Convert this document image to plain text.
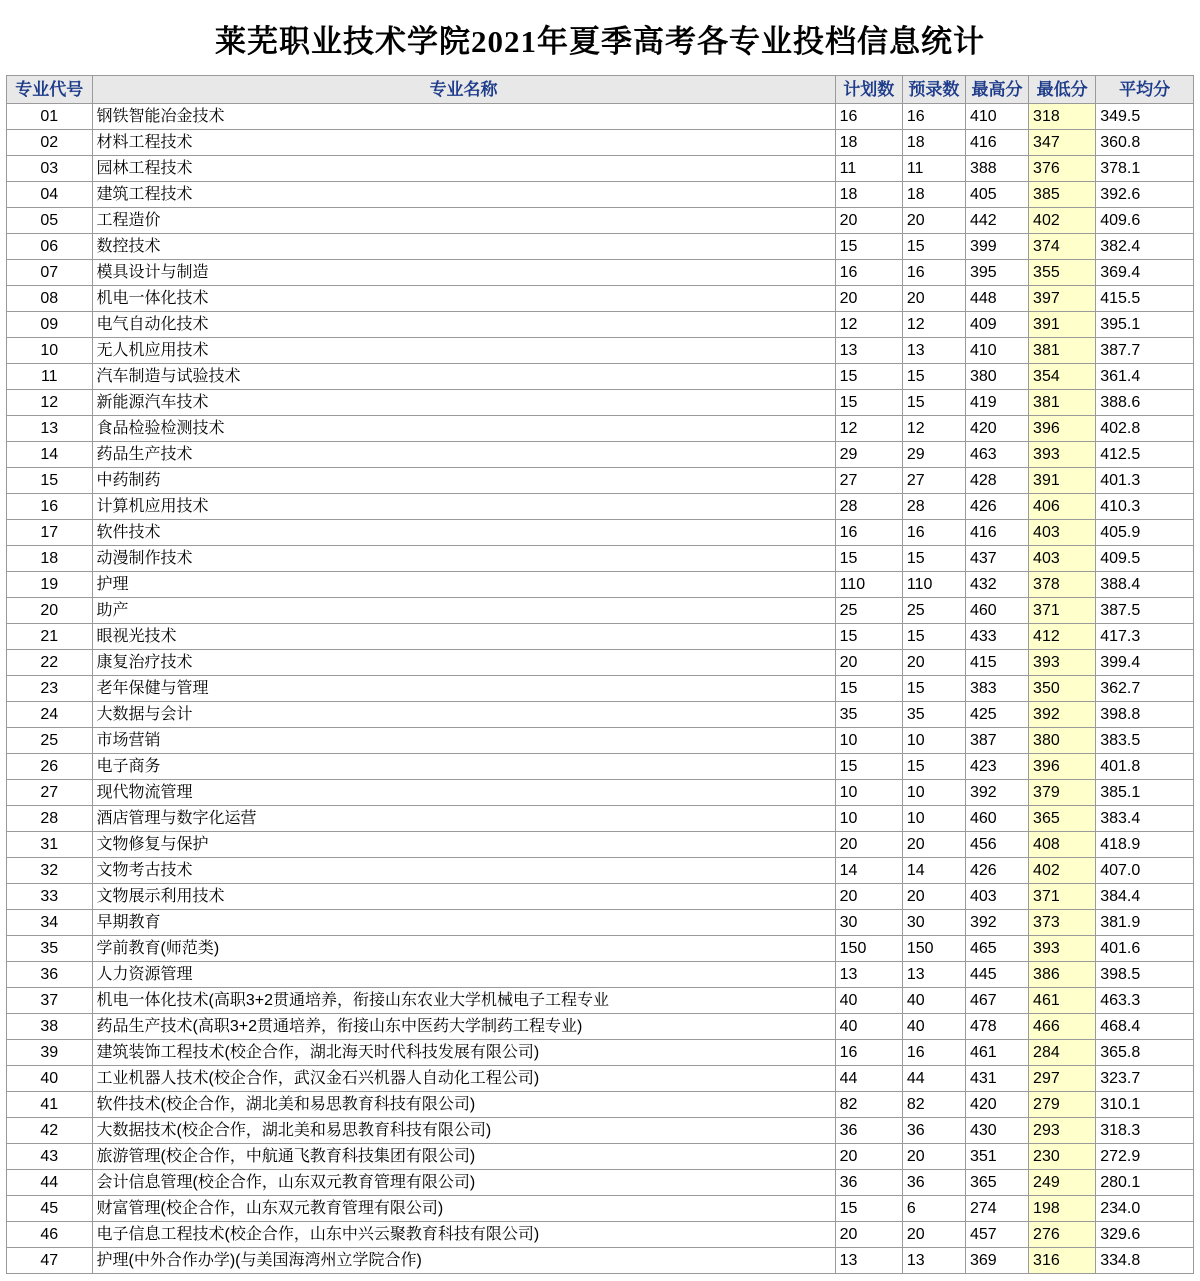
莱芜职业技术学院2021年夏季高考各专业投档信息统计
专业代号	专业名称	计划数	预录数	最高分	最低分	平均分
01	钢铁智能冶金技术	16	16	410	318	349.5
02	材料工程技术	18	18	416	347	360.8
03	园林工程技术	11	11	388	376	378.1
04	建筑工程技术	18	18	405	385	392.6
05	工程造价	20	20	442	402	409.6
06	数控技术	15	15	399	374	382.4
07	模具设计与制造	16	16	395	355	369.4
08	机电一体化技术	20	20	448	397	415.5
09	电气自动化技术	12	12	409	391	395.1
10	无人机应用技术	13	13	410	381	387.7
11	汽车制造与试验技术	15	15	380	354	361.4
12	新能源汽车技术	15	15	419	381	388.6
13	食品检验检测技术	12	12	420	396	402.8
14	药品生产技术	29	29	463	393	412.5
15	中药制药	27	27	428	391	401.3
16	计算机应用技术	28	28	426	406	410.3
17	软件技术	16	16	416	403	405.9
18	动漫制作技术	15	15	437	403	409.5
19	护理	110	110	432	378	388.4
20	助产	25	25	460	371	387.5
21	眼视光技术	15	15	433	412	417.3
22	康复治疗技术	20	20	415	393	399.4
23	老年保健与管理	15	15	383	350	362.7
24	大数据与会计	35	35	425	392	398.8
25	市场营销	10	10	387	380	383.5
26	电子商务	15	15	423	396	401.8
27	现代物流管理	10	10	392	379	385.1
28	酒店管理与数字化运营	10	10	460	365	383.4
31	文物修复与保护	20	20	456	408	418.9
32	文物考古技术	14	14	426	402	407.0
33	文物展示利用技术	20	20	403	371	384.4
34	早期教育	30	30	392	373	381.9
35	学前教育(师范类)	150	150	465	393	401.6
36	人力资源管理	13	13	445	386	398.5
37	机电一体化技术(高职3+2贯通培养，衔接山东农业大学机械电子工程专业	40	40	467	461	463.3
38	药品生产技术(高职3+2贯通培养，衔接山东中医药大学制药工程专业)	40	40	478	466	468.4
39	建筑装饰工程技术(校企合作，湖北海天时代科技发展有限公司)	16	16	461	284	365.8
40	工业机器人技术(校企合作，武汉金石兴机器人自动化工程公司)	44	44	431	297	323.7
41	软件技术(校企合作，湖北美和易思教育科技有限公司)	82	82	420	279	310.1
42	大数据技术(校企合作，湖北美和易思教育科技有限公司)	36	36	430	293	318.3
43	旅游管理(校企合作，中航通飞教育科技集团有限公司)	20	20	351	230	272.9
44	会计信息管理(校企合作，山东双元教育管理有限公司)	36	36	365	249	280.1
45	财富管理(校企合作，山东双元教育管理有限公司)	15	6	274	198	234.0
46	电子信息工程技术(校企合作，山东中兴云聚教育科技有限公司)	20	20	457	276	329.6
47	护理(中外合作办学)(与美国海湾州立学院合作)	13	13	369	316	334.8
